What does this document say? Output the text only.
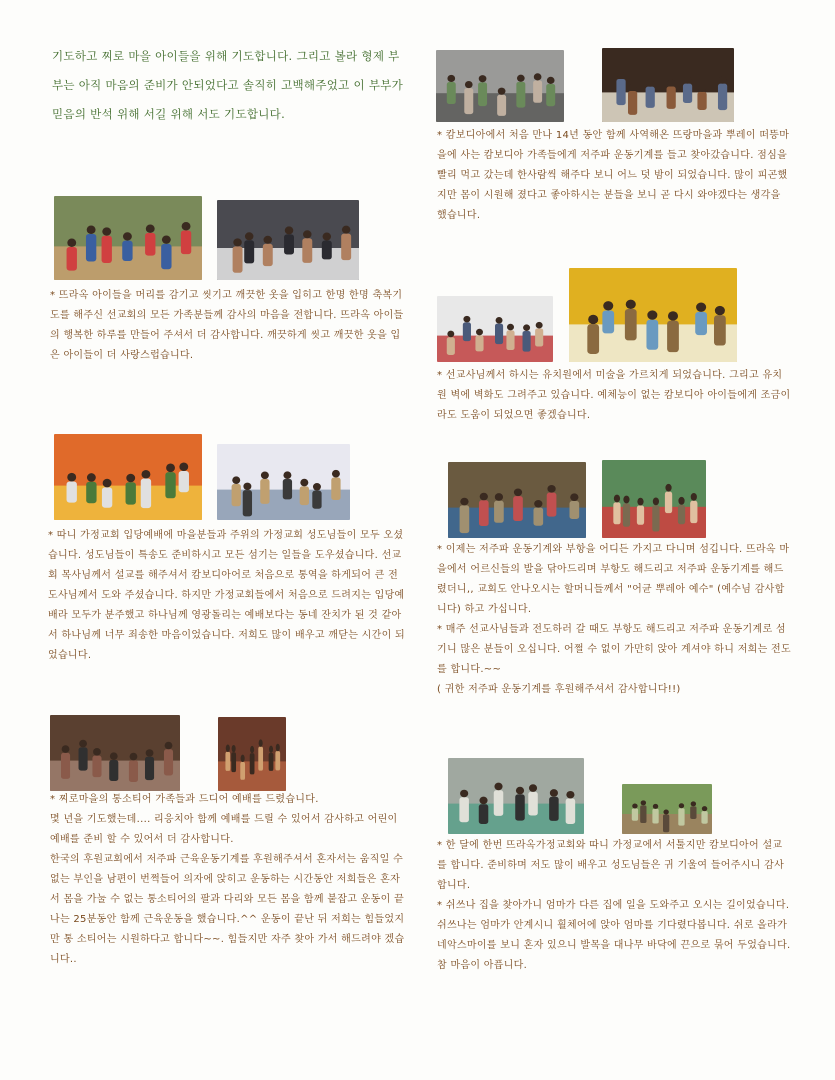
기도하고 찌로 마을 아이들을 위해 기도합니다. 그리고 볼라 형제 부부는 아직 마음의 준비가 안되었다고 솔직히 고백해주었고 이 부부가 믿음의 반석 위해 서길 위해 서도 기도합니다.
* 뜨라옥 아이들을 머리를 감기고 씻기고 깨끗한 옷을 입히고 한명 한명 축복기도를 해주신 선교회의 모든 가족분들께 감사의 마음을 전합니다. 뜨라옥 아이들의 행복한 하루를 만들어 주셔서 더 감사합니다. 깨끗하게 씻고 깨끗한 옷을 입은 아이들이 더 사랑스럽습니다.
* 따니 가정교회 입당예배에 마을분들과 주위의 가정교회 성도님들이 모두 오셨습니다. 성도님들이 특송도 준비하시고 모든 섬기는 일들을 도우셨습니다. 선교회 목사님께서 설교를 해주셔서 캄보디아어로 처음으로 통역을 하게되어 큰 전도사님께서 도와 주셨습니다. 하지만 가정교회들에서 처음으로 드려지는 입당예배라 모두가 분주했고 하나님께 영광돌리는 예배보다는 동네 잔치가 된 것 같아서 하나님께 너무 죄송한 마음이었습니다. 저희도 많이 배우고 깨닫는 시간이 되었습니다.

* 찌로마을의 통소티어 가족들과 드디어 예배를 드렸습니다.

몇 년을 기도했는데.... 리응치아 함께 예배를 드릴 수 있어서 감사하고 어린이 예배를 준비 할 수 있어서 더 감사합니다.

한국의 후원교회에서 저주파 근육운동기계를 후원해주셔서 혼자서는 움직일 수 없는 부인을 남편이 번쩍들어 의자에 앉히고 운동하는 시간동안 저희들은 혼자서 몸을 가눌 수 없는 통소티어의 팔과 다리와 모든 몸을 함께 붙잡고 운동이 끝나는 25분동안 함께 근육운동을 했습니다.^^ 운동이 끝난 뒤 저희는 힘들었지만 통 소티어는 시원하다고 합니다~~. 힘들지만 자주 찾아 가서 해드려야 겠습니다..

* 캄보디아에서 처음 만나 14년 동안 함께 사역해온 뜨랑마을과 뿌레이 떠뜽마을에 사는 캄보디아 가족들에게 저주파 운동기계를 들고 찾아갔습니다. 점심을 빨리 먹고 갔는데 한사람씩 해주다 보니 어느 덧 밤이 되었습니다. 많이 피곤했지만 몸이 시원해 졌다고 좋아하시는 분들을 보니 곧 다시 와야겠다는 생각을 했습니다.
* 선교사님께서 하시는 유치원에서 미술을 가르치게 되었습니다. 그리고 유치원 벽에 벽화도 그려주고 있습니다. 예체능이 없는 캄보디아 아이들에게 조금이라도 도움이 되었으면 좋겠습니다.

* 이제는 저주파 운동기계와 부항을 어디든 가지고 다니며 섬깁니다. 뜨라옥 마을에서 어르신들의 발을 닦아드리며 부항도 해드리고 저주파 운동기계를 해드렸더니,, 교회도 안나오시는 할머니들께서 "어균 뿌레아 예수" (예수님 감사합니다) 하고 가십니다.

* 매주 선교사님들과 전도하러 갈 때도 부항도 해드리고 저주파 운동기계로 섬기니 많은 분들이 오십니다. 어쩔 수 없이 가만히 앉아 계셔야 하니 저희는 전도를 합니다.~~

( 귀한 저주파 운동기계를 후원해주셔서 감사합니다!!)

* 한 달에 한번 뜨라옥가정교회와 따니 가정교에서 서툴지만 캄보디아어 설교를 합니다. 준비하며 저도 많이 배우고 성도님들은 귀 기울여 들어주시니 감사합니다.

* 쉬쓰나 집을 찾아가니 엄마가 다른 집에 일을 도와주고 오시는 길이었습니다. 쉬쓰나는 엄마가 안계시니 휠체어에 앉아 엄마를 기다렸다봅니다. 쉬로 올라가 네악스마이를 보니 혼자 있으니 발목을 대나무 바닥에 끈으로 묶어 두었습니다. 참 마음이 아픕니다.
